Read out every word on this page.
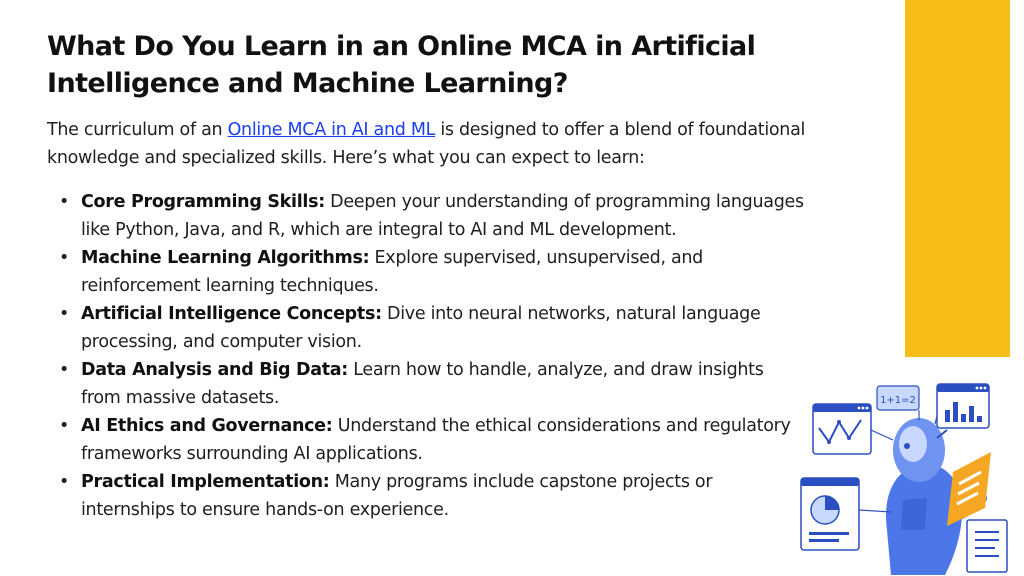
What Do You Learn in an Online MCA in Artificial Intelligence and Machine Learning?

The curriculum of an Online MCA in AI and ML is designed to offer a blend of foundational knowledge and specialized skills. Here’s what you can expect to learn:

• Core Programming Skills: Deepen your understanding of programming languages like Python, Java, and R, which are integral to AI and ML development.
• Machine Learning Algorithms: Explore supervised, unsupervised, and reinforcement learning techniques.
• Artificial Intelligence Concepts: Dive into neural networks, natural language processing, and computer vision.
• Data Analysis and Big Data: Learn how to handle, analyze, and draw insights from massive datasets.
• AI Ethics and Governance: Understand the ethical considerations and regulatory frameworks surrounding AI applications.
• Practical Implementation: Many programs include capstone projects or internships to ensure hands-on experience.
1+1=2
